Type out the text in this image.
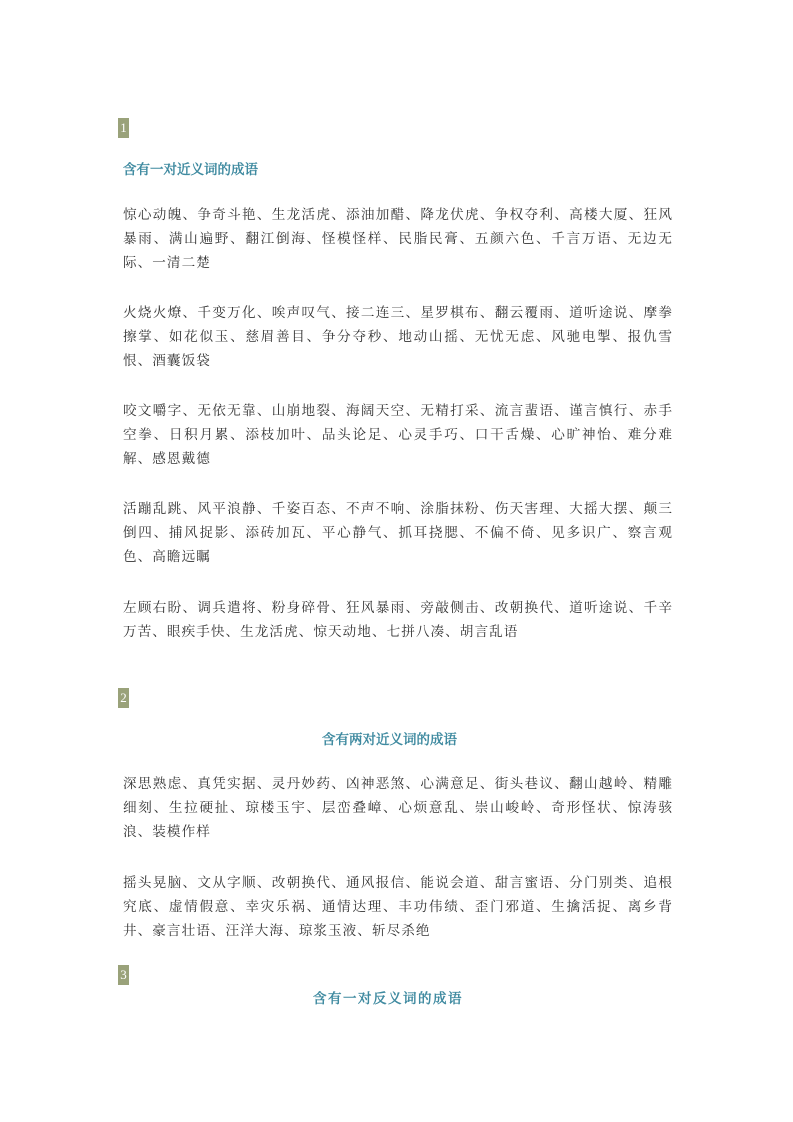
1
含有一对近义词的成语

惊心动魄、争奇斗艳、生龙活虎、添油加醋、降龙伏虎、争权夺利、高楼大厦、狂风暴雨、满山遍野、翻江倒海、怪模怪样、民脂民膏、五颜六色、千言万语、无边无际、一清二楚

火烧火燎、千变万化、唉声叹气、接二连三、星罗棋布、翻云覆雨、道听途说、摩拳擦掌、如花似玉、慈眉善目、争分夺秒、地动山摇、无忧无虑、风驰电掣、报仇雪恨、酒囊饭袋

咬文嚼字、无依无靠、山崩地裂、海阔天空、无精打采、流言蜚语、谨言慎行、赤手空拳、日积月累、添枝加叶、品头论足、心灵手巧、口干舌燥、心旷神怡、难分难解、感恩戴德

活蹦乱跳、风平浪静、千姿百态、不声不响、涂脂抹粉、伤天害理、大摇大摆、颠三倒四、捕风捉影、添砖加瓦、平心静气、抓耳挠腮、不偏不倚、见多识广、察言观色、高瞻远瞩

左顾右盼、调兵遣将、粉身碎骨、狂风暴雨、旁敲侧击、改朝换代、道听途说、千辛万苦、眼疾手快、生龙活虎、惊天动地、七拼八凑、胡言乱语

2
含有两对近义词的成语

深思熟虑、真凭实据、灵丹妙药、凶神恶煞、心满意足、街头巷议、翻山越岭、精雕细刻、生拉硬扯、琼楼玉宇、层峦叠嶂、心烦意乱、崇山峻岭、奇形怪状、惊涛骇浪、装模作样

摇头晃脑、文从字顺、改朝换代、通风报信、能说会道、甜言蜜语、分门别类、追根究底、虚情假意、幸灾乐祸、通情达理、丰功伟绩、歪门邪道、生擒活捉、离乡背井、豪言壮语、汪洋大海、琼浆玉液、斩尽杀绝

3
含有一对反义词的成语
